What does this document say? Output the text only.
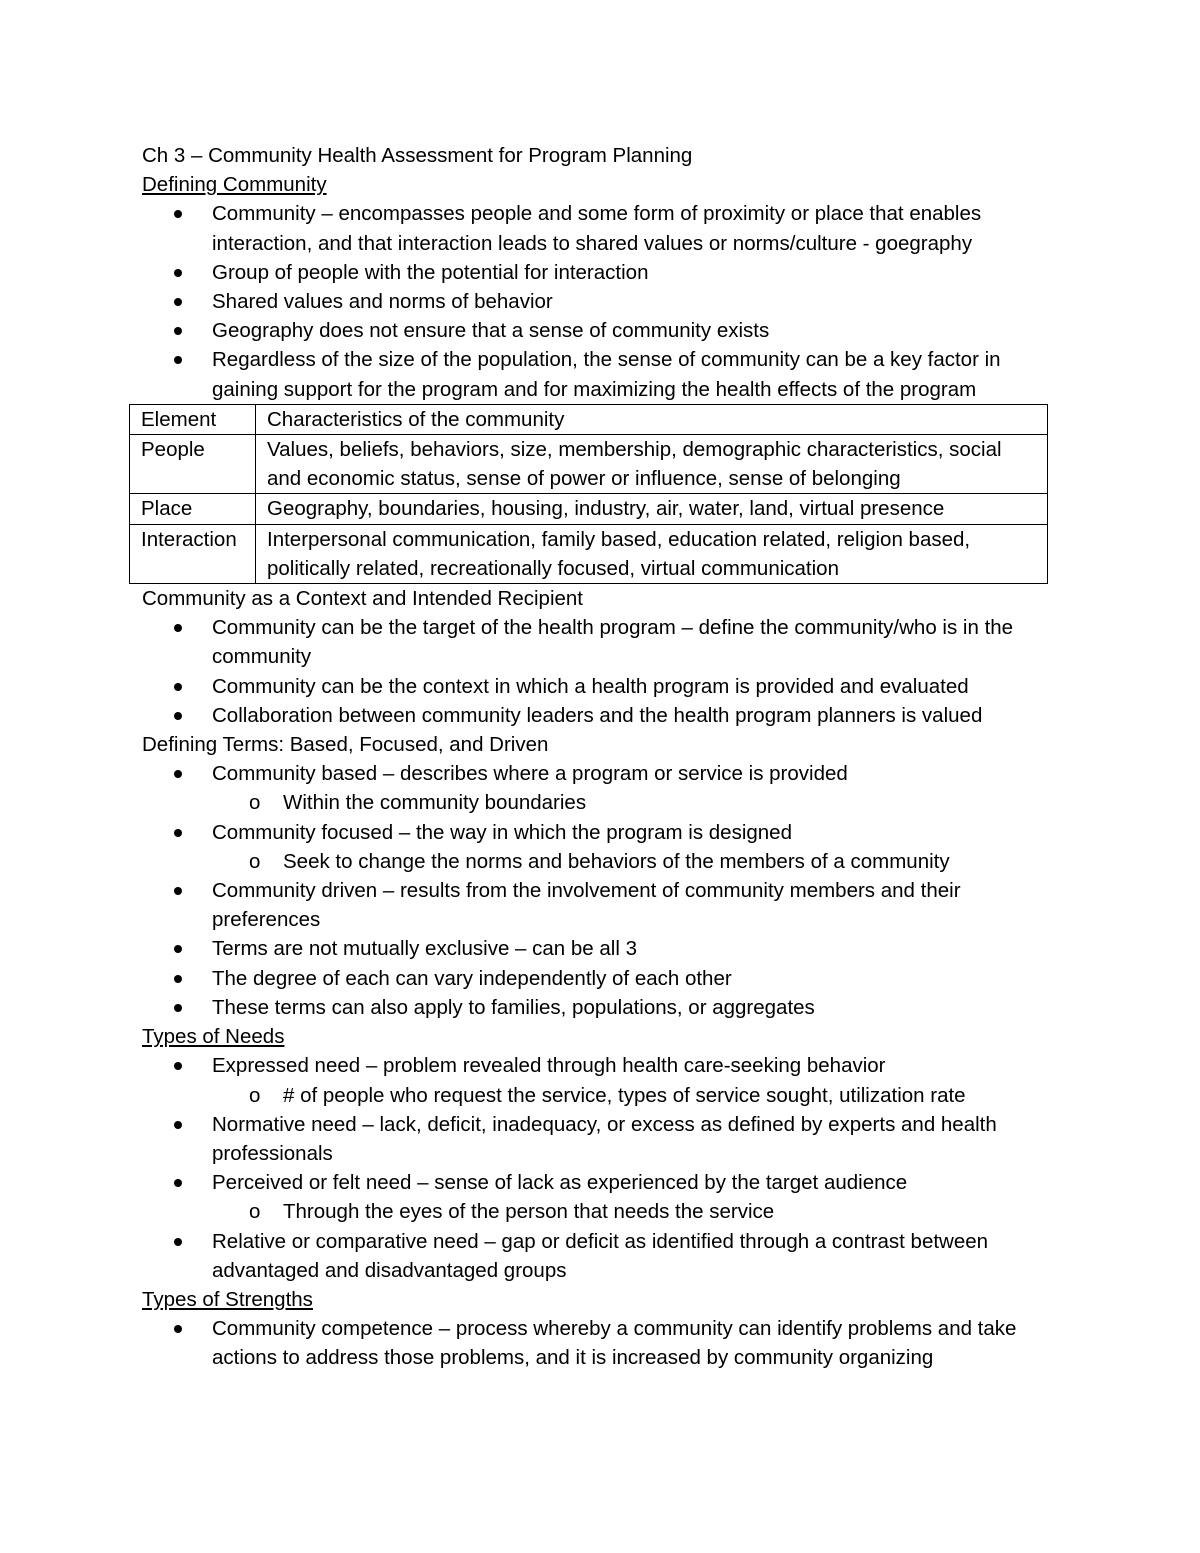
Ch 3 – Community Health Assessment for Program Planning

Defining Community

Community – encompasses people and some form of proximity or place that enables interaction, and that interaction leads to shared values or norms/culture - goegraphy
Group of people with the potential for interaction
Shared values and norms of behavior
Geography does not ensure that a sense of community exists
Regardless of the size of the population, the sense of community can be a key factor in gaining support for the program and for maximizing the health effects of the program
Element	Characteristics of the community
People	Values, beliefs, behaviors, size, membership, demographic characteristics, social and economic status, sense of power or influence, sense of belonging
Place	Geography, boundaries, housing, industry, air, water, land, virtual presence
Interaction	Interpersonal communication, family based, education related, religion based, politically related, recreationally focused, virtual communication

Community as a Context and Intended Recipient

Community can be the target of the health program – define the community/who is in the community
Community can be the context in which a health program is provided and evaluated
Collaboration between community leaders and the health program planners is valued

Defining Terms: Based, Focused, and Driven

Community based – describes where a program or service is provided
o Within the community boundaries
Community focused – the way in which the program is designed
o Seek to change the norms and behaviors of the members of a community
Community driven – results from the involvement of community members and their preferences
Terms are not mutually exclusive – can be all 3
The degree of each can vary independently of each other
These terms can also apply to families, populations, or aggregates

Types of Needs

Expressed need – problem revealed through health care-seeking behavior
o # of people who request the service, types of service sought, utilization rate
Normative need – lack, deficit, inadequacy, or excess as defined by experts and health professionals
Perceived or felt need – sense of lack as experienced by the target audience
o Through the eyes of the person that needs the service
Relative or comparative need – gap or deficit as identified through a contrast between advantaged and disadvantaged groups

Types of Strengths

Community competence – process whereby a community can identify problems and take actions to address those problems, and it is increased by community organizing
